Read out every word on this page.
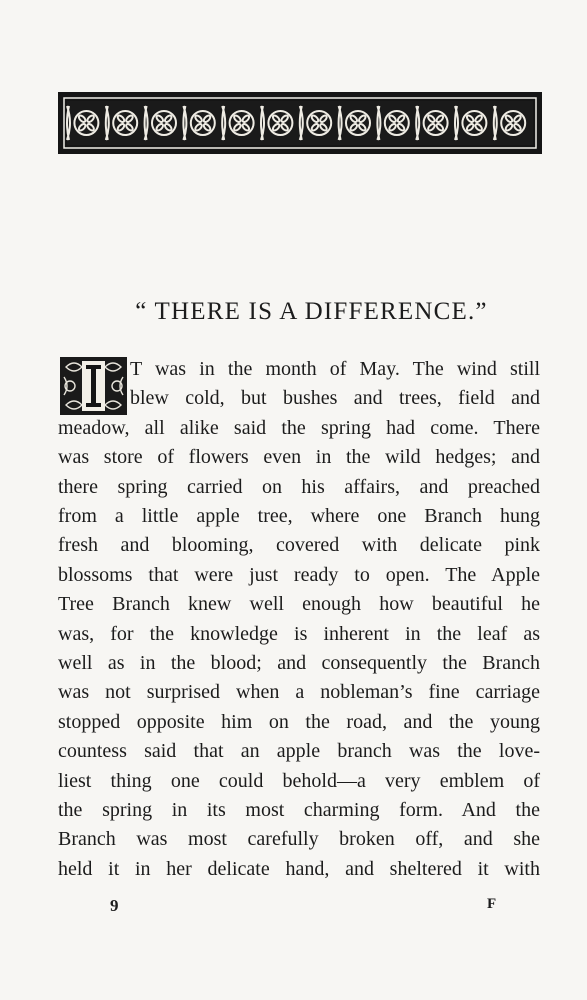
“ THERE IS A DIFFERENCE.”
T was in the month of May. The wind still
blew cold, but bushes and trees, field and
meadow, all alike said the spring had come. There
was store of flowers even in the wild hedges; and
there spring carried on his affairs, and preached
from a little apple tree, where one Branch hung
fresh and blooming, covered with delicate pink
blossoms that were just ready to open. The Apple
Tree Branch knew well enough how beautiful he
was, for the knowledge is inherent in the leaf as
well as in the blood; and consequently the Branch
was not surprised when a nobleman’s fine carriage
stopped opposite him on the road, and the young
countess said that an apple branch was the love-
liest thing one could behold—a very emblem of
the spring in its most charming form. And the
Branch was most carefully broken off, and she
held it in her delicate hand, and sheltered it with
9	F
